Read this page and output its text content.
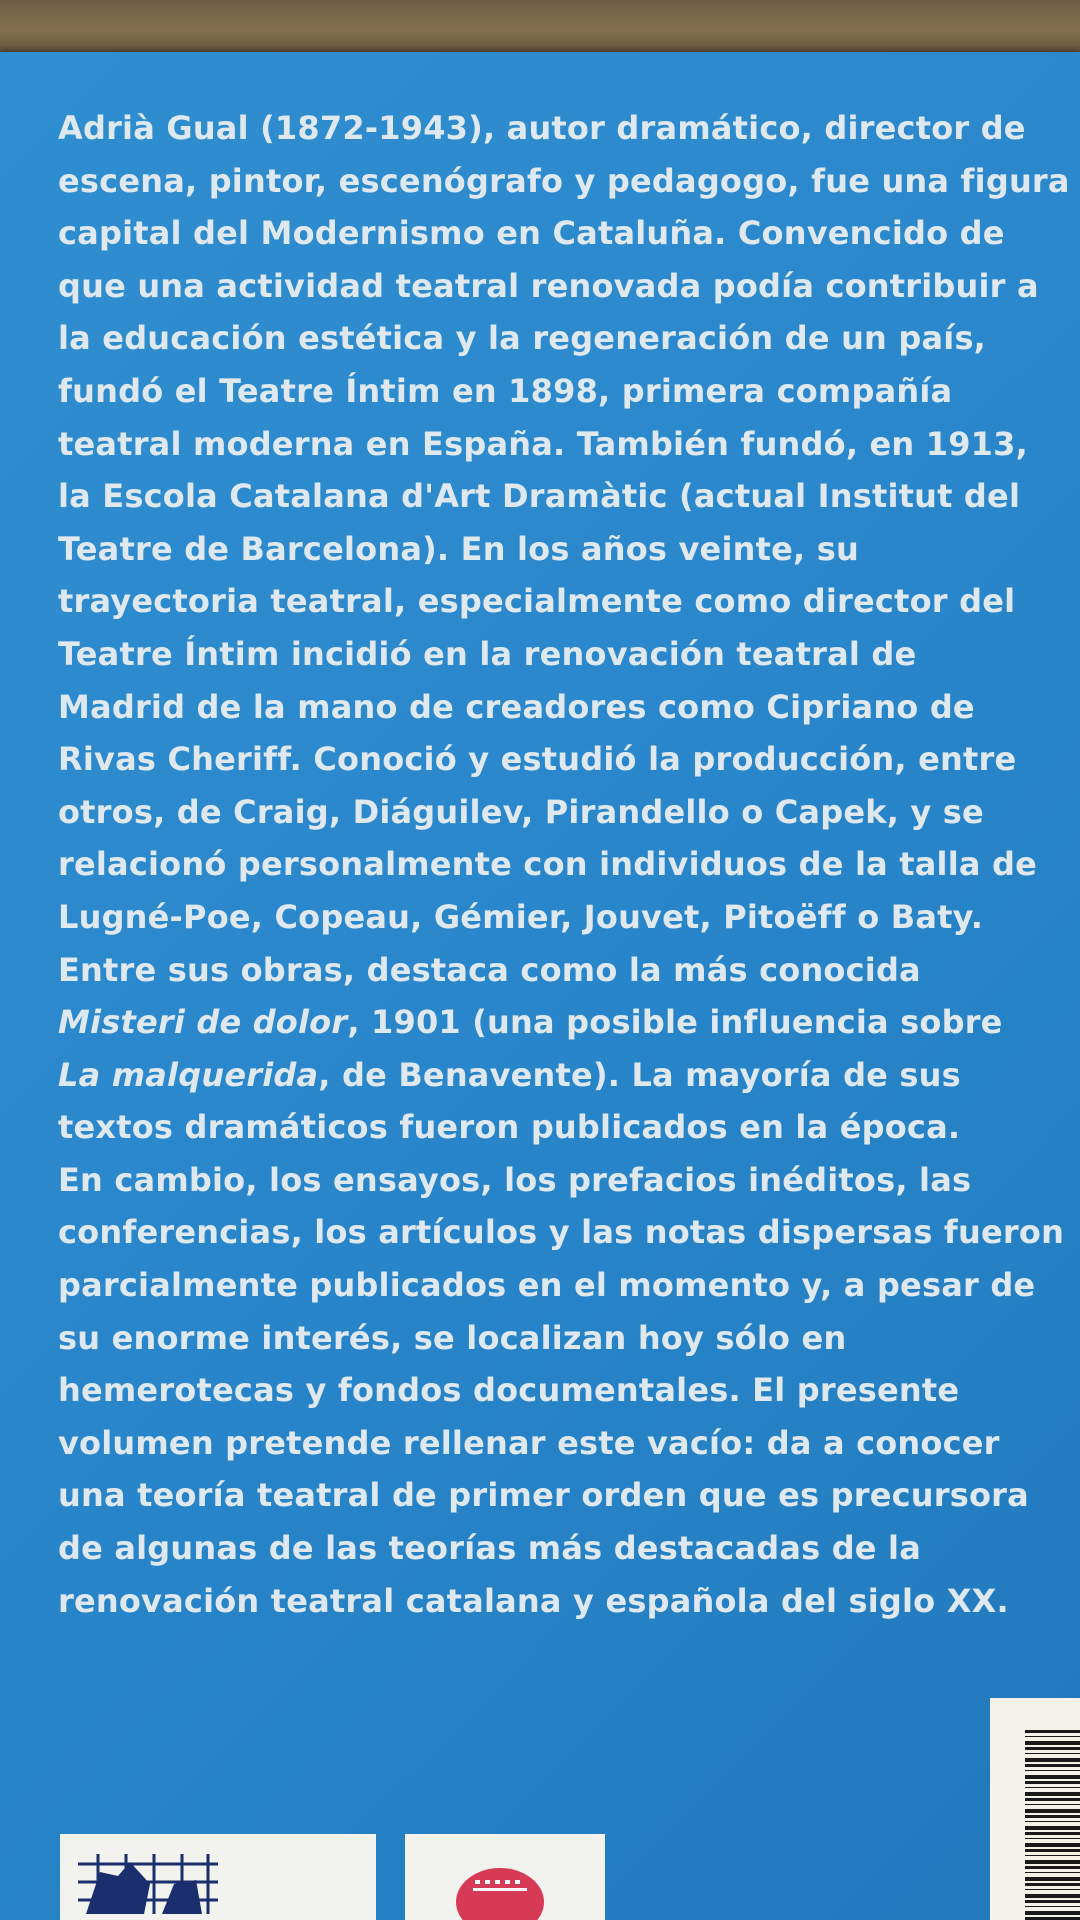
Adrià Gual (1872-1943), autor dramático, director de
escena, pintor, escenógrafo y pedagogo, fue una figura
capital del Modernismo en Cataluña. Convencido de
que una actividad teatral renovada podía contribuir a
la educación estética y la regeneración de un país,
fundó el Teatre Íntim en 1898, primera compañía
teatral moderna en España. También fundó, en 1913,
la Escola Catalana d'Art Dramàtic (actual Institut del
Teatre de Barcelona). En los años veinte, su
trayectoria teatral, especialmente como director del
Teatre Íntim incidió en la renovación teatral de
Madrid de la mano de creadores como Cipriano de
Rivas Cheriff. Conoció y estudió la producción, entre
otros, de Craig, Diáguilev, Pirandello o Capek, y se
relacionó personalmente con individuos de la talla de
Lugné-Poe, Copeau, Gémier, Jouvet, Pitoëff o Baty.
Entre sus obras, destaca como la más conocida
Misteri de dolor, 1901 (una posible influencia sobre
La malquerida, de Benavente). La mayoría de sus
textos dramáticos fueron publicados en la época.
En cambio, los ensayos, los prefacios inéditos, las
conferencias, los artículos y las notas dispersas fueron
parcialmente publicados en el momento y, a pesar de
su enorme interés, se localizan hoy sólo en
hemerotecas y fondos documentales. El presente
volumen pretende rellenar este vacío: da a conocer
una teoría teatral de primer orden que es precursora
de algunas de las teorías más destacadas de la
renovación teatral catalana y española del siglo XX.
